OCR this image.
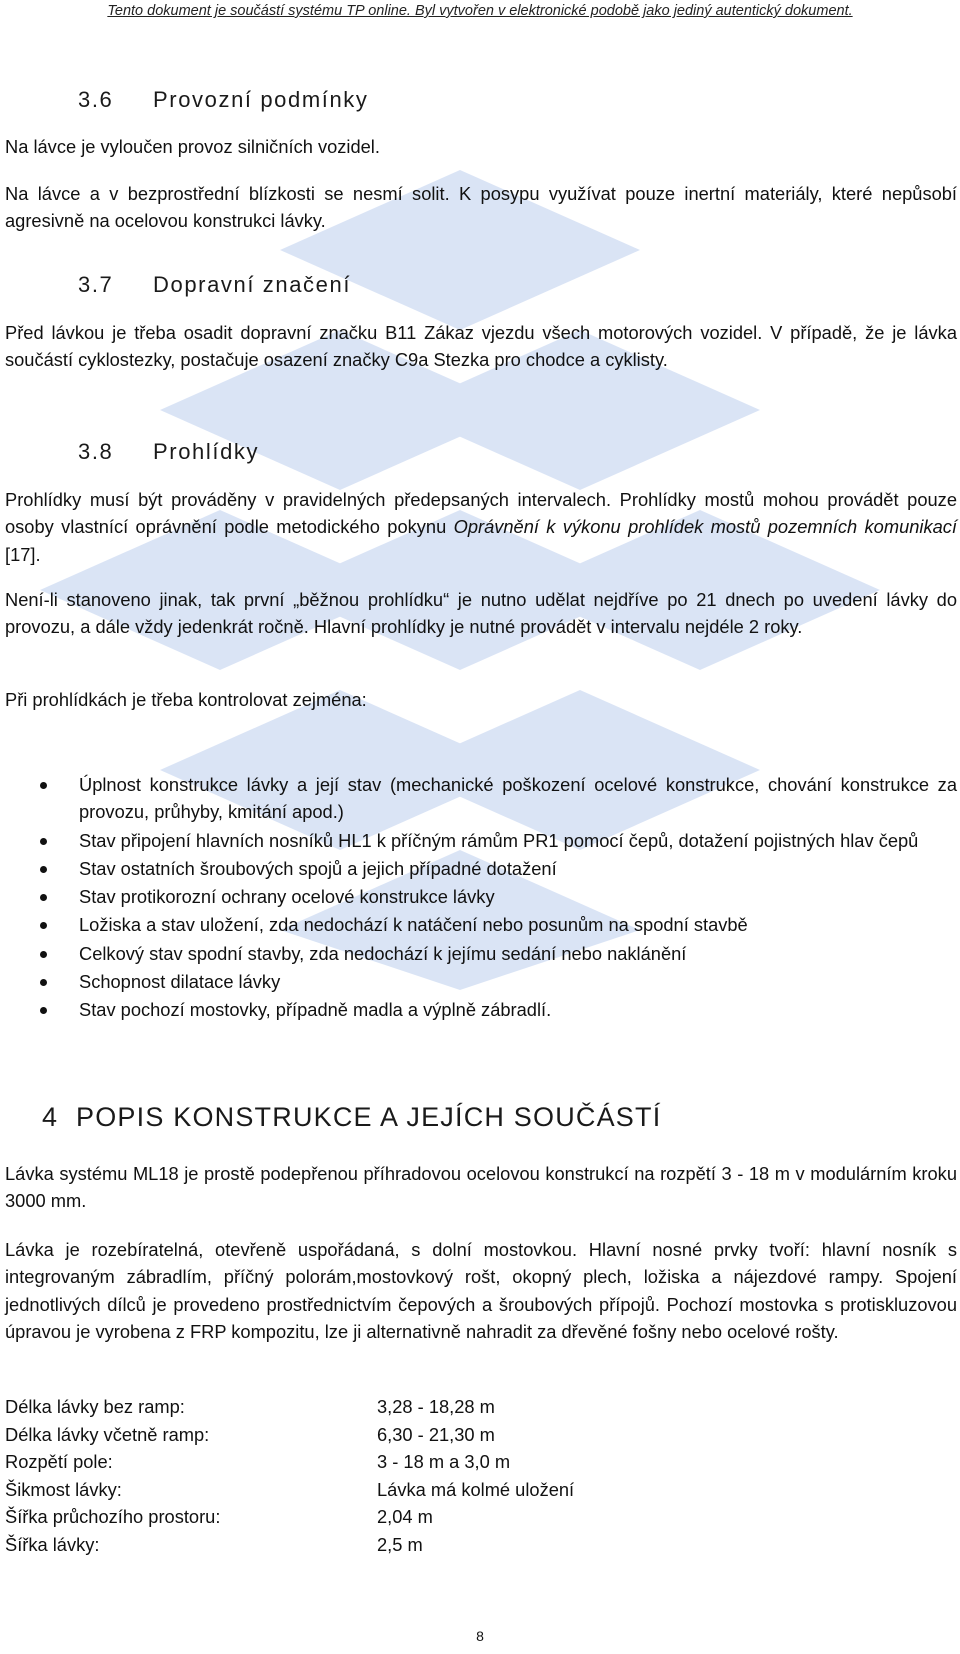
Tento dokument je součástí systému TP online. Byl vytvořen v elektronické podobě jako jediný autentický dokument.
3.6 Provozní podmínky
Na lávce je vyloučen provoz silničních vozidel.
Na lávce a v bezprostřední blízkosti se nesmí solit. K posypu využívat pouze inertní materiály, které nepůsobí agresivně na ocelovou konstrukci lávky.
3.7 Dopravní značení
Před lávkou je třeba osadit dopravní značku B11 Zákaz vjezdu všech motorových vozidel. V případě, že je lávka součástí cyklostezky, postačuje osazení značky C9a Stezka pro chodce a cyklisty.
3.8 Prohlídky
Prohlídky musí být prováděny v pravidelných předepsaných intervalech. Prohlídky mostů mohou provádět pouze osoby vlastnící oprávnění podle metodického pokynu Oprávnění k výkonu prohlídek mostů pozemních komunikací [17].
Není-li stanoveno jinak, tak první „běžnou prohlídku“ je nutno udělat nejdříve po 21 dnech po uvedení lávky do provozu, a dále vždy jedenkrát ročně. Hlavní prohlídky je nutné provádět v intervalu nejdéle 2 roky.
Při prohlídkách je třeba kontrolovat zejména:
Úplnost konstrukce lávky a její stav (mechanické poškození ocelové konstrukce, chování konstrukce za provozu, průhyby, kmitání apod.)
Stav připojení hlavních nosníků HL1 k příčným rámům PR1 pomocí čepů, dotažení pojistných hlav čepů
Stav ostatních šroubových spojů a jejich případné dotažení
Stav protikorozní ochrany ocelové konstrukce lávky
Ložiska a stav uložení, zda nedochází k natáčení nebo posunům na spodní stavbě
Celkový stav spodní stavby, zda nedochází k jejímu sedání nebo naklánění
Schopnost dilatace lávky
Stav pochozí mostovky, případně madla a výplně zábradlí.
4 POPIS KONSTRUKCE A JEJÍCH SOUČÁSTÍ
Lávka systému ML18 je prostě podepřenou příhradovou ocelovou konstrukcí na rozpětí 3 - 18 m v modulárním kroku 3000 mm.
Lávka je rozebíratelná, otevřeně uspořádaná, s dolní mostovkou. Hlavní nosné prvky tvoří: hlavní nosník s integrovaným zábradlím, příčný polorám,mostovkový rošt, okopný plech, ložiska a nájezdové rampy. Spojení jednotlivých dílců je provedeno prostřednictvím čepových a šroubových přípojů. Pochozí mostovka s protiskluzovou úpravou je vyrobena z FRP kompozitu, lze ji alternativně nahradit za dřevěné fošny nebo ocelové rošty.
Délka lávky bez ramp:	3,28 - 18,28 m
Délka lávky včetně ramp:	6,30 - 21,30 m
Rozpětí pole:	3 - 18 m a 3,0 m
Šikmost lávky:	Lávka má kolmé uložení
Šířka průchozího prostoru:	2,04 m
Šířka lávky:	2,5 m
8
